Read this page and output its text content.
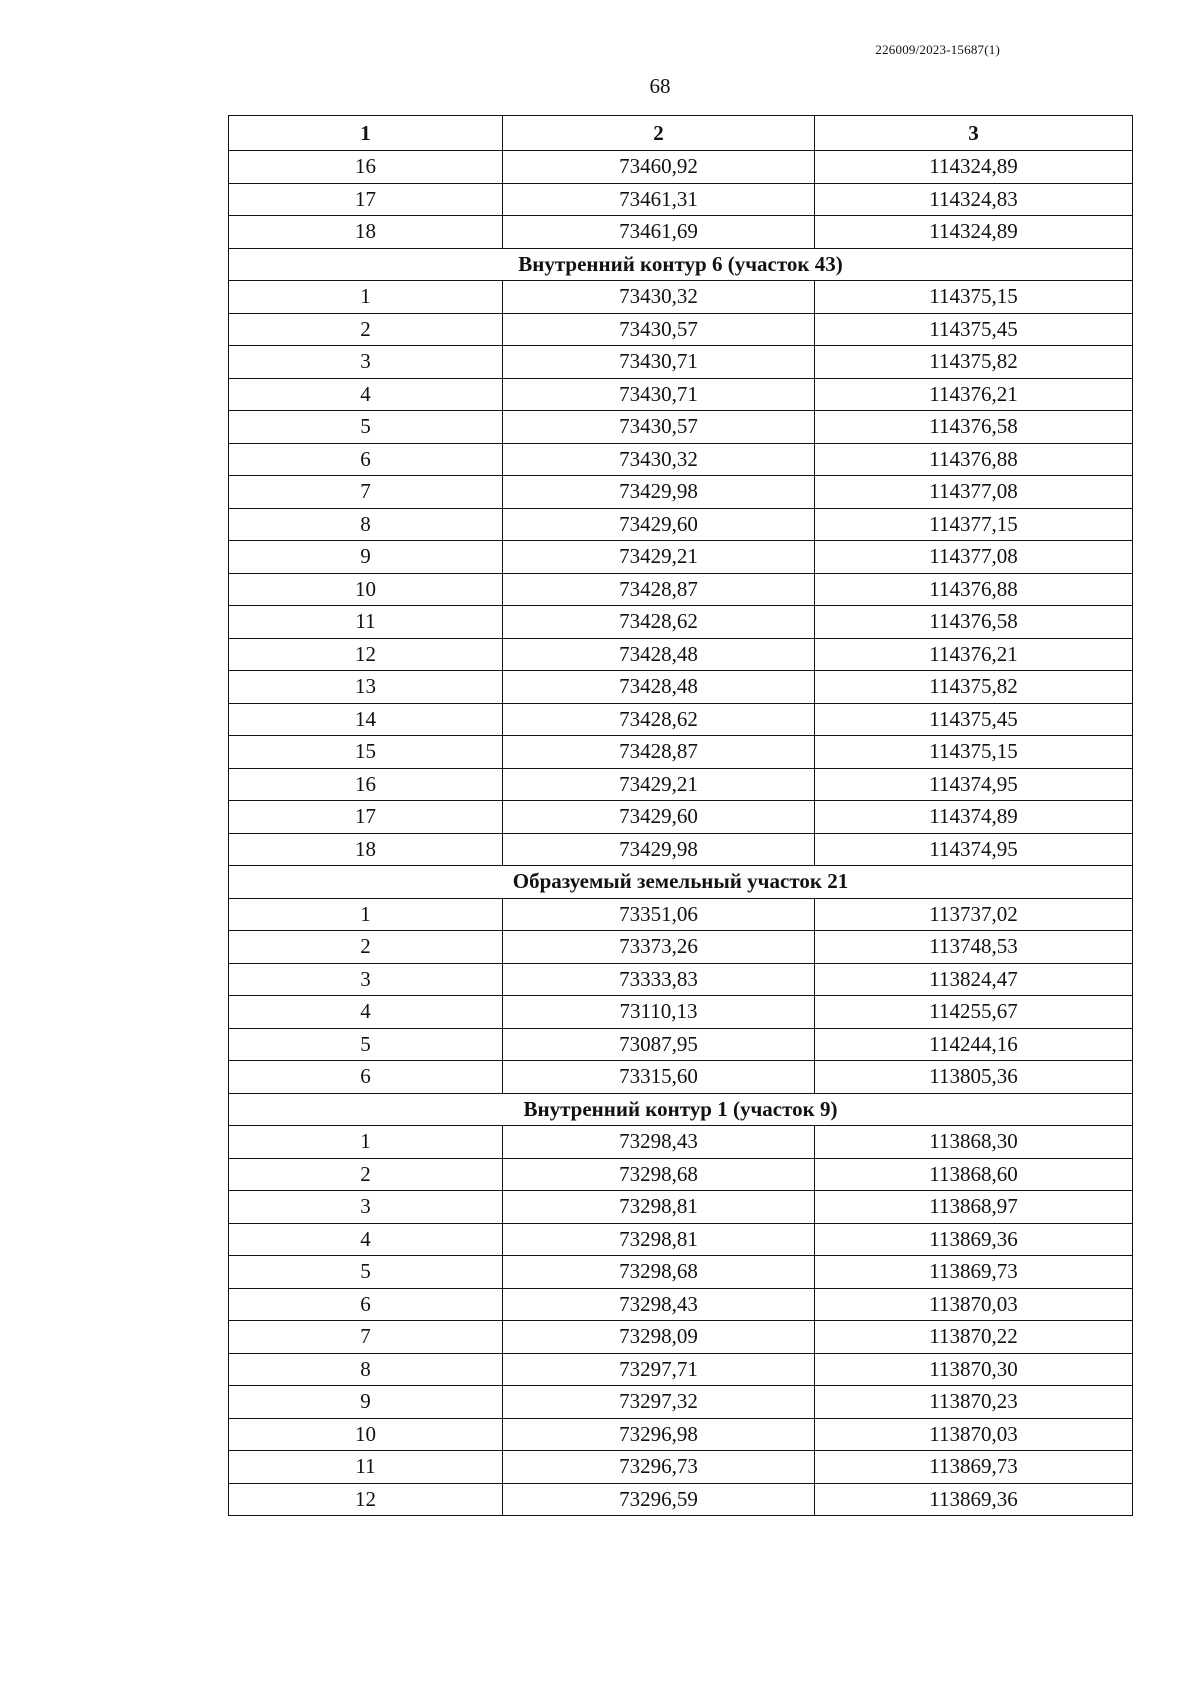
226009/2023-15687(1)
68
1	2	3
16	73460,92	114324,89
17	73461,31	114324,83
18	73461,69	114324,89
Внутренний контур 6 (участок 43)		
1	73430,32	114375,15
2	73430,57	114375,45
3	73430,71	114375,82
4	73430,71	114376,21
5	73430,57	114376,58
6	73430,32	114376,88
7	73429,98	114377,08
8	73429,60	114377,15
9	73429,21	114377,08
10	73428,87	114376,88
11	73428,62	114376,58
12	73428,48	114376,21
13	73428,48	114375,82
14	73428,62	114375,45
15	73428,87	114375,15
16	73429,21	114374,95
17	73429,60	114374,89
18	73429,98	114374,95
Образуемый земельный участок 21		
1	73351,06	113737,02
2	73373,26	113748,53
3	73333,83	113824,47
4	73110,13	114255,67
5	73087,95	114244,16
6	73315,60	113805,36
Внутренний контур 1 (участок 9)		
1	73298,43	113868,30
2	73298,68	113868,60
3	73298,81	113868,97
4	73298,81	113869,36
5	73298,68	113869,73
6	73298,43	113870,03
7	73298,09	113870,22
8	73297,71	113870,30
9	73297,32	113870,23
10	73296,98	113870,03
11	73296,73	113869,73
12	73296,59	113869,36
